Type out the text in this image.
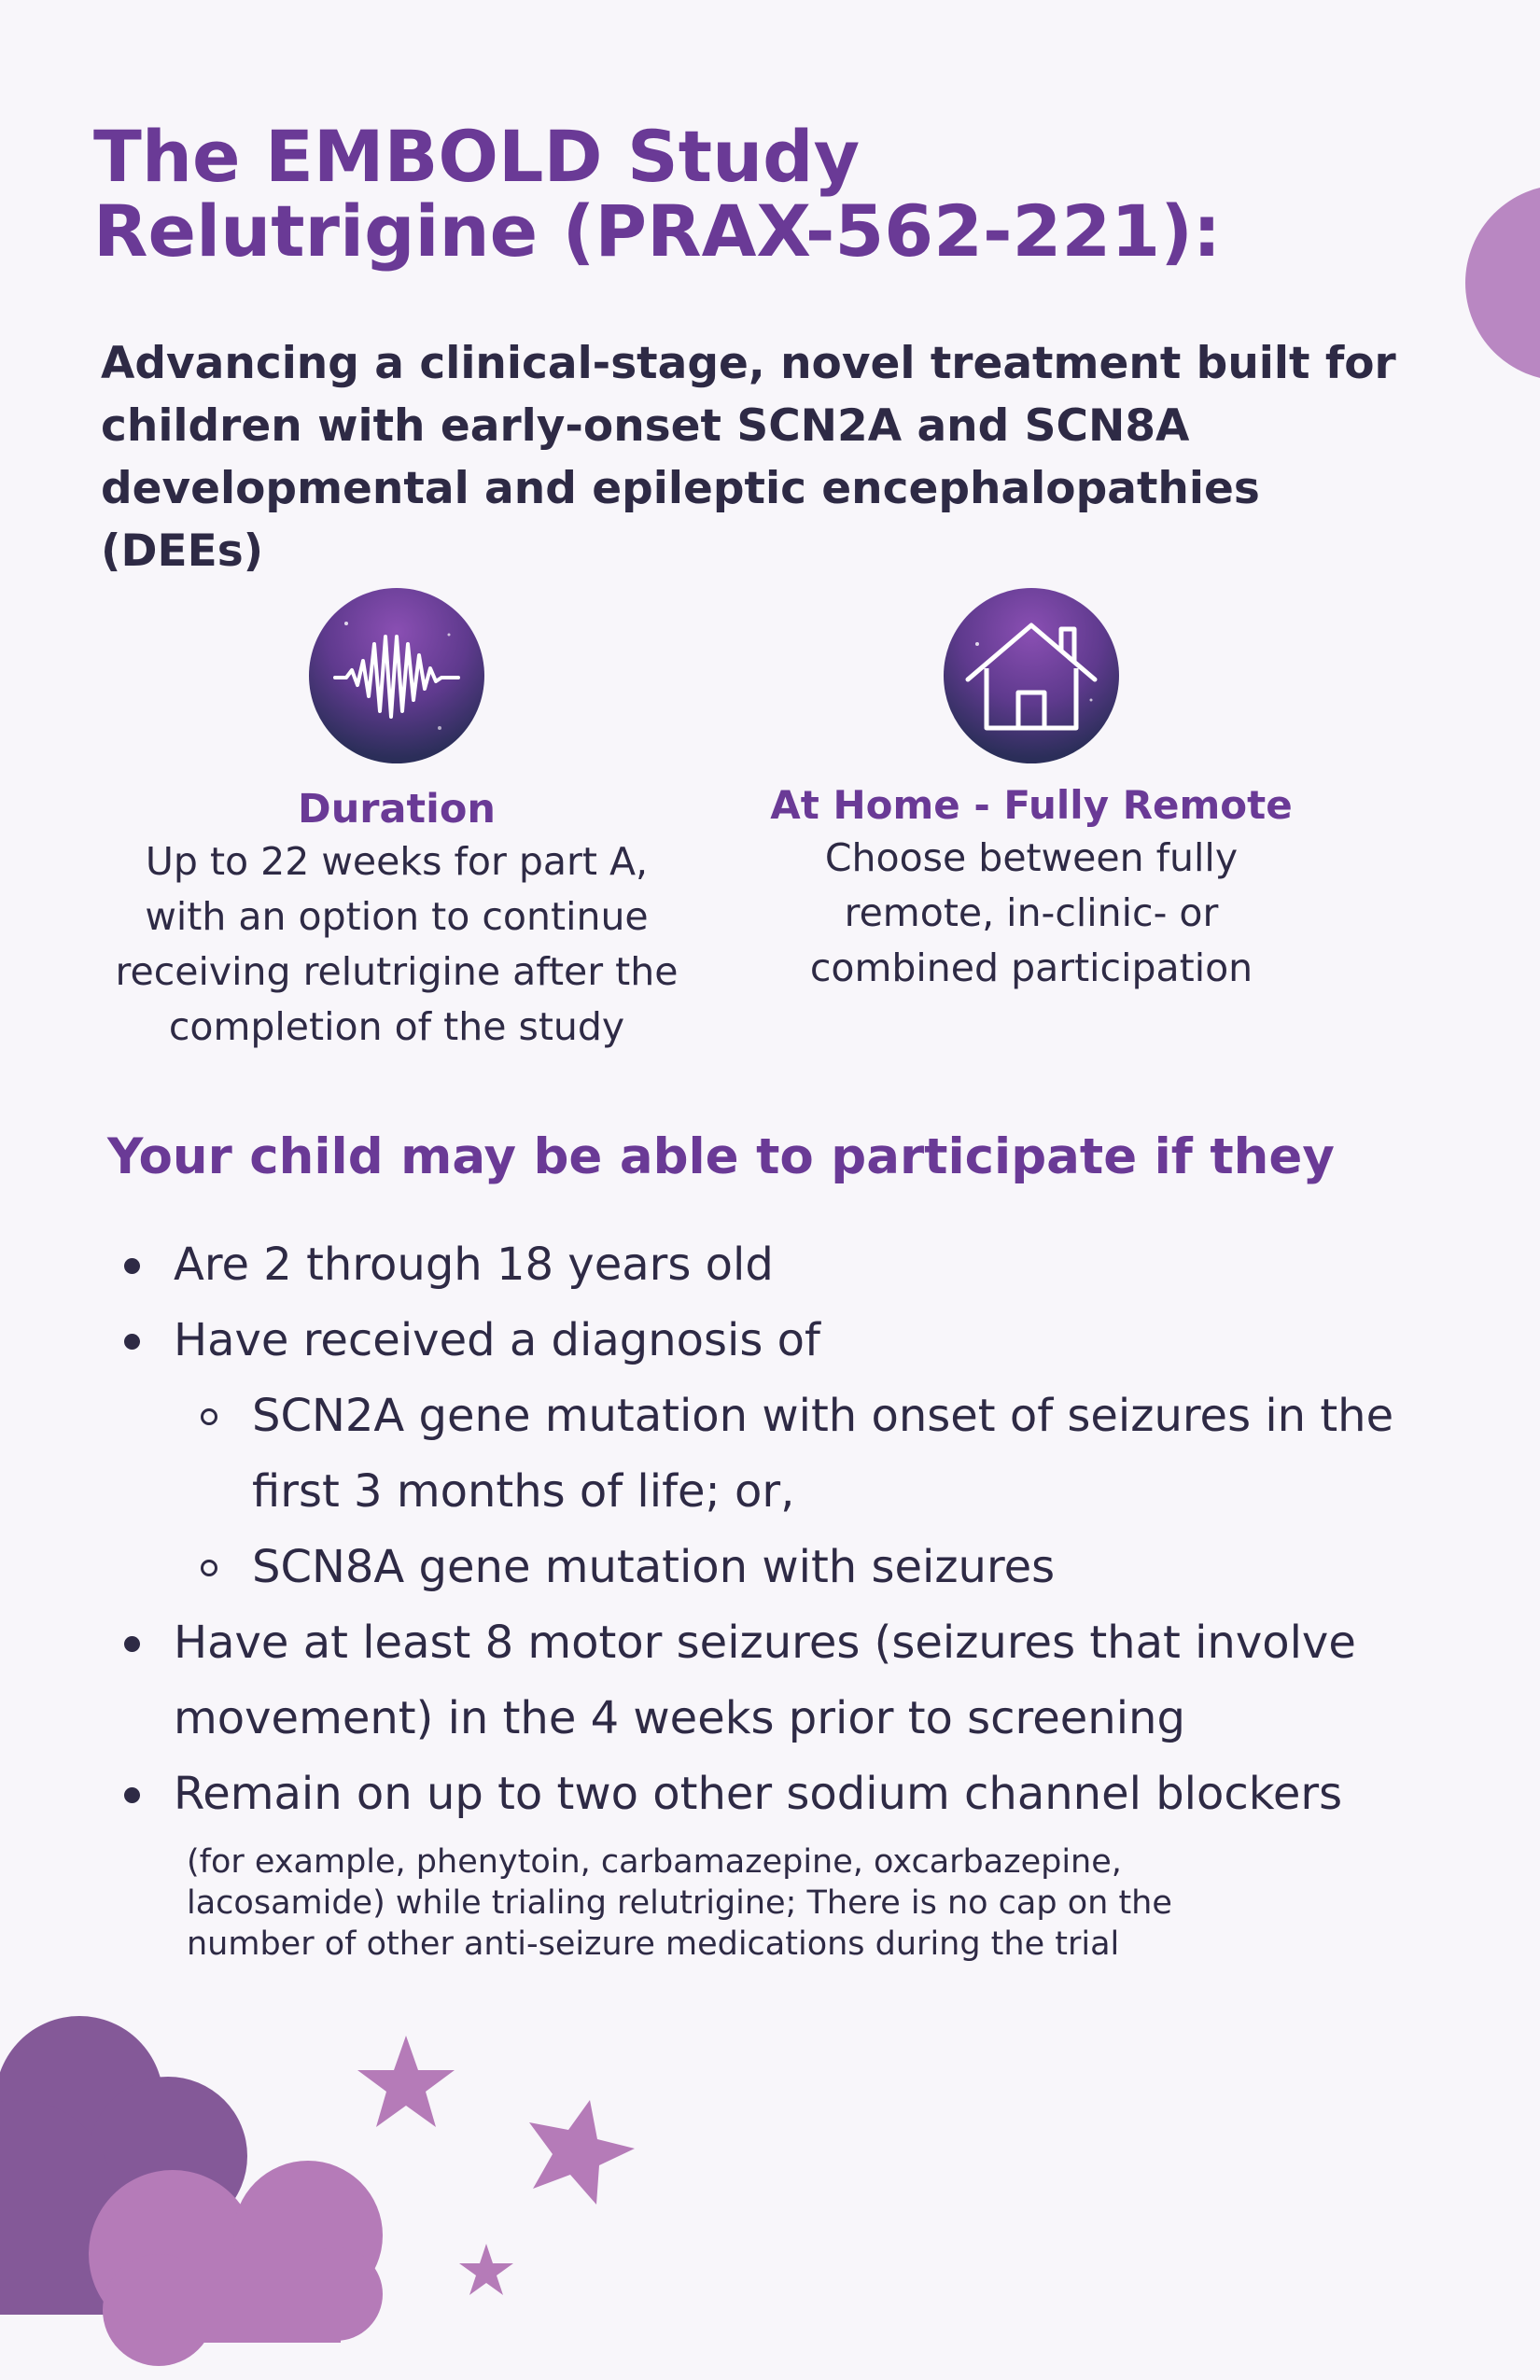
The EMBOLD Study
Relutrigine (PRAX-562-221):
Advancing a clinical-stage, novel treatment built for
children with early-onset SCN2A and SCN8A
developmental and epileptic encephalopathies (DEEs)
Duration
Up to 22 weeks for part A,
with an option to continue
receiving relutrigine after the
completion of the study
At Home - Fully Remote
Choose between fully
remote, in-clinic- or
combined participation
Your child may be able to participate if they
Are 2 through 18 years old
Have received a diagnosis of
SCN2A gene mutation with onset of seizures in the
first 3 months of life; or,
SCN8A gene mutation with seizures
Have at least 8 motor seizures (seizures that involve
movement) in the 4 weeks prior to screening
Remain on up to two other sodium channel blockers

(for example, phenytoin, carbamazepine, oxcarbazepine,
lacosamide) while trialing relutrigine; There is no cap on the
number of other anti-seizure medications during the trial
